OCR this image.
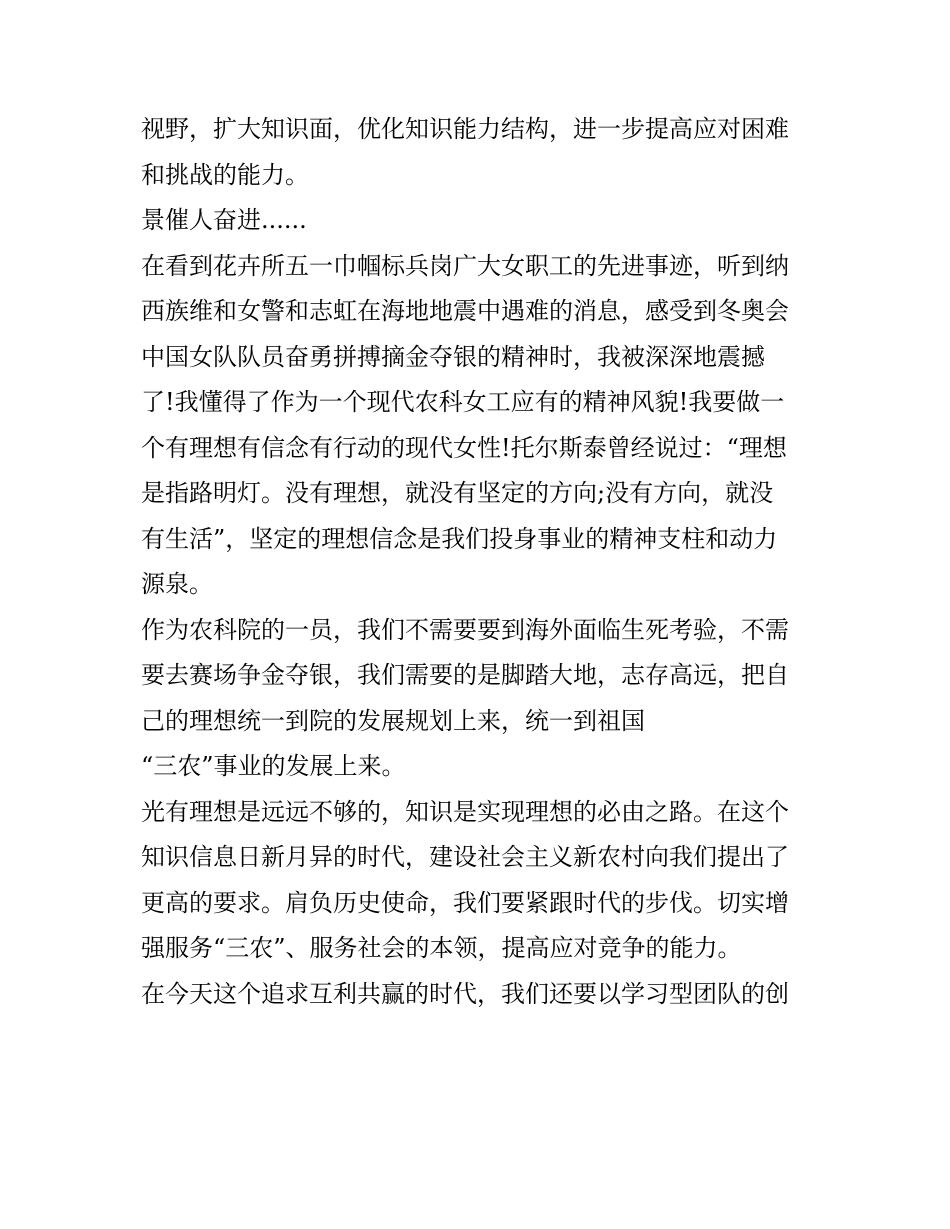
视野，扩大知识面，优化知识能力结构，进一步提高应对困难
和挑战的能力。
景催人奋进......
在看到花卉所五一巾帼标兵岗广大女职工的先进事迹，听到纳
西族维和女警和志虹在海地地震中遇难的消息，感受到冬奥会
中国女队队员奋勇拼搏摘金夺银的精神时，我被深深地震撼
了!我懂得了作为一个现代农科女工应有的精神风貌!我要做一
个有理想有信念有行动的现代女性!托尔斯泰曾经说过：“理想
是指路明灯。没有理想，就没有坚定的方向;没有方向，就没
有生活”，坚定的理想信念是我们投身事业的精神支柱和动力
源泉。
作为农科院的一员，我们不需要要到海外面临生死考验，不需
要去赛场争金夺银，我们需要的是脚踏大地，志存高远，把自
己的理想统一到院的发展规划上来，统一到祖国
“三农”事业的发展上来。
光有理想是远远不够的，知识是实现理想的必由之路。在这个
知识信息日新月异的时代，建设社会主义新农村向我们提出了
更高的要求。肩负历史使命，我们要紧跟时代的步伐。切实增
强服务“三农”、服务社会的本领，提高应对竞争的能力。
在今天这个追求互利共赢的时代，我们还要以学习型团队的创
